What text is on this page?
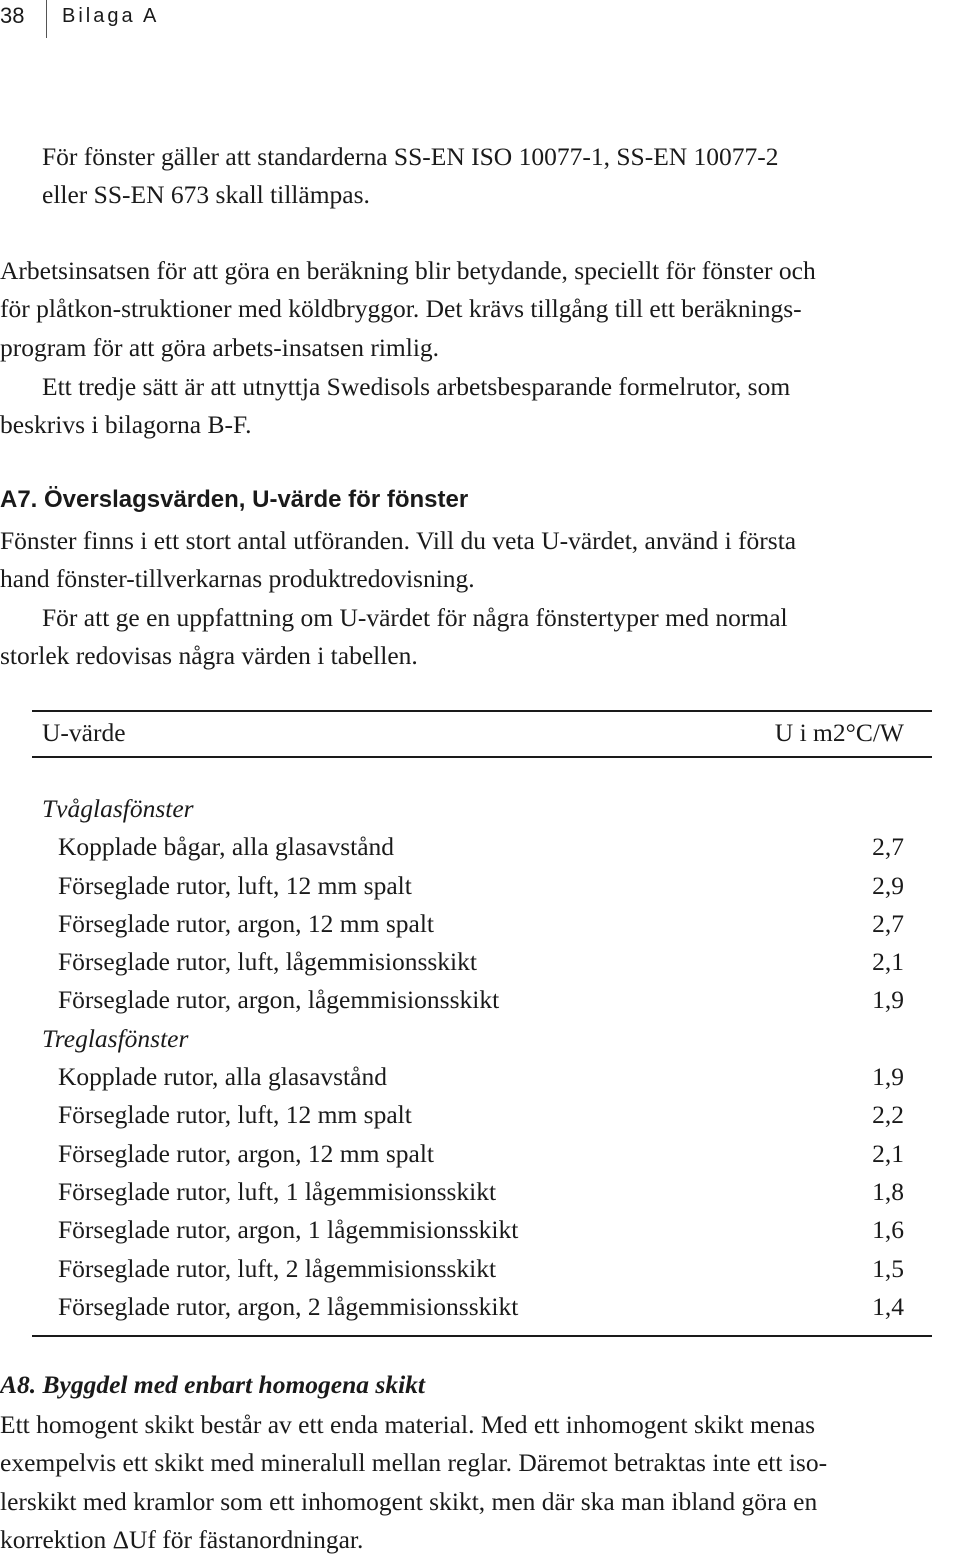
38 Bilaga A
För fönster gäller att standarderna SS-EN ISO 10077-1, SS-EN 10077-2
eller SS-EN 673 skall tillämpas.
Arbetsinsatsen för att göra en beräkning blir betydande, speciellt för fönster och
för plåtkon-struktioner med köldbryggor. Det krävs tillgång till ett beräknings-
program för att göra arbets-insatsen rimlig.
Ett tredje sätt är att utnyttja Swedisols arbetsbesparande formelrutor, som
beskrivs i bilagorna B-F.
A7. Överslagsvärden, U-värde för fönster
Fönster finns i ett stort antal utföranden. Vill du veta U-värdet, använd i första
hand fönster-tillverkarnas produktredovisning.
För att ge en uppfattning om U-värdet för några fönstertyper med normal
storlek redovisas några värden i tabellen.
U-värde	U i m2°C/W
Tvåglasfönster
Kopplade bågar, alla glasavstånd	2,7
Förseglade rutor, luft, 12 mm spalt	2,9
Förseglade rutor, argon, 12 mm spalt	2,7
Förseglade rutor, luft, lågemmisionsskikt	2,1
Förseglade rutor, argon, lågemmisionsskikt	1,9
Treglasfönster
Kopplade rutor, alla glasavstånd	1,9
Förseglade rutor, luft, 12 mm spalt	2,2
Förseglade rutor, argon, 12 mm spalt	2,1
Förseglade rutor, luft, 1 lågemmisionsskikt	1,8
Förseglade rutor, argon, 1 lågemmisionsskikt	1,6
Förseglade rutor, luft, 2 lågemmisionsskikt	1,5
Förseglade rutor, argon, 2 lågemmisionsskikt	1,4
A8. Byggdel med enbart homogena skikt
Ett homogent skikt består av ett enda material. Med ett inhomogent skikt menas
exempelvis ett skikt med mineralull mellan reglar. Däremot betraktas inte ett iso-
lerskikt med kramlor som ett inhomogent skikt, men där ska man ibland göra en
korrektion ΔUf för fästanordningar.
